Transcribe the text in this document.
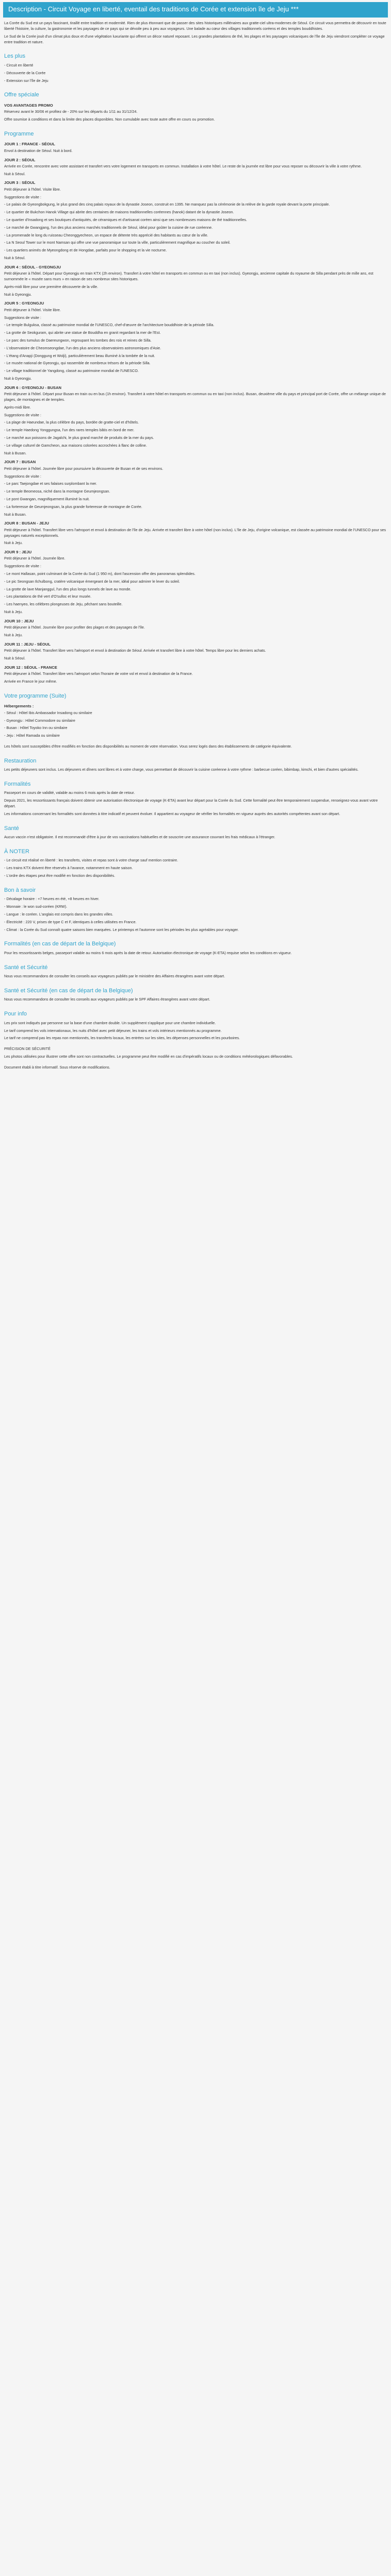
Description - Circuit Voyage en liberté, eventail des traditions de Corée et extension île de Jeju ***

La Corée du Sud est un pays fascinant, tiraillé entre tradition et modernité. Rien de plus étonnant que de passer des sites historiques millénaires aux gratte-ciel ultra-modernes de Séoul. Ce circuit vous permettra de découvrir en toute liberté l'histoire, la culture, la gastronomie et les paysages de ce pays qui se dévoile peu à peu aux voyageurs. Une balade au cœur des villages traditionnels coréens et des temples bouddhistes.

Le Sud de la Corée jouit d'un climat plus doux et d'une végétation luxuriante qui offrent un décor naturel reposant. Les grandes plantations de thé, les plages et les paysages volcaniques de l'île de Jeju viendront compléter ce voyage entre tradition et nature.

Les plus

- Circuit en liberté

- Découverte de la Corée

- Extension sur l'île de Jeju

Offre spéciale
VOS AVANTAGES PROMO

Réservez avant le 30/06 et profitez de - 20% sur les départs du 1/11 au 31/12/24.

Offre soumise à conditions et dans la limite des places disponibles. Non cumulable avec toute autre offre en cours ou promotion.

Programme
JOUR 1 : FRANCE - SÉOUL

Envol à destination de Séoul. Nuit à bord.

JOUR 2 : SÉOUL

Arrivée en Corée, rencontre avec votre assistant et transfert vers votre logement en transports en commun. Installation à votre hôtel. Le reste de la journée est libre pour vous reposer ou découvrir la ville à votre rythme.

Nuit à Séoul.

JOUR 3 : SÉOUL

Petit déjeuner à l'hôtel. Visite libre.

Suggestions de visite :

- Le palais de Gyeongbokgung, le plus grand des cinq palais royaux de la dynastie Joseon, construit en 1395. Ne manquez pas la cérémonie de la relève de la garde royale devant la porte principale.

- Le quartier de Bukchon Hanok Village qui abrite des centaines de maisons traditionnelles coréennes (hanok) datant de la dynastie Joseon.

- Le quartier d'Insadong et ses boutiques d'antiquités, de céramiques et d'artisanat coréen ainsi que ses nombreuses maisons de thé traditionnelles.

- Le marché de Gwangjang, l'un des plus anciens marchés traditionnels de Séoul, idéal pour goûter la cuisine de rue coréenne.

- La promenade le long du ruisseau Cheonggyecheon, un espace de détente très apprécié des habitants au cœur de la ville.

- La N Seoul Tower sur le mont Namsan qui offre une vue panoramique sur toute la ville, particulièrement magnifique au coucher du soleil.

- Les quartiers animés de Myeongdong et de Hongdae, parfaits pour le shopping et la vie nocturne.

Nuit à Séoul.

JOUR 4 : SÉOUL - GYEONGJU

Petit déjeuner à l'hôtel. Départ pour Gyeongju en train KTX (2h environ). Transfert à votre hôtel en transports en commun ou en taxi (non inclus). Gyeongju, ancienne capitale du royaume de Silla pendant près de mille ans, est surnommée le « musée sans murs » en raison de ses nombreux sites historiques.

Après-midi libre pour une première découverte de la ville.

Nuit à Gyeongju.

JOUR 5 : GYEONGJU

Petit déjeuner à l'hôtel. Visite libre.

Suggestions de visite :

- Le temple Bulguksa, classé au patrimoine mondial de l'UNESCO, chef-d'œuvre de l'architecture bouddhiste de la période Silla.

- La grotte de Seokguram, qui abrite une statue de Bouddha en granit regardant la mer de l'Est.

- Le parc des tumulus de Daereungwon, regroupant les tombes des rois et reines de Silla.

- L'observatoire de Cheomseongdae, l'un des plus anciens observatoires astronomiques d'Asie.

- L'étang d'Anapji (Donggung et Wolji), particulièrement beau illuminé à la tombée de la nuit.

- Le musée national de Gyeongju, qui rassemble de nombreux trésors de la période Silla.

- Le village traditionnel de Yangdong, classé au patrimoine mondial de l'UNESCO.

Nuit à Gyeongju.

JOUR 6 : GYEONGJU - BUSAN

Petit déjeuner à l'hôtel. Départ pour Busan en train ou en bus (1h environ). Transfert à votre hôtel en transports en commun ou en taxi (non inclus). Busan, deuxième ville du pays et principal port de Corée, offre un mélange unique de plages, de montagnes et de temples.

Après-midi libre.

Suggestions de visite :

- La plage de Haeundae, la plus célèbre du pays, bordée de gratte-ciel et d'hôtels.

- Le temple Haedong Yonggungsa, l'un des rares temples bâtis en bord de mer.

- Le marché aux poissons de Jagalchi, le plus grand marché de produits de la mer du pays.

- Le village culturel de Gamcheon, aux maisons colorées accrochées à flanc de colline.

Nuit à Busan.

JOUR 7 : BUSAN

Petit déjeuner à l'hôtel. Journée libre pour poursuivre la découverte de Busan et de ses environs.

Suggestions de visite :

- Le parc Taejongdae et ses falaises surplombant la mer.

- Le temple Beomeosa, niché dans la montagne Geumjeongsan.

- Le pont Gwangan, magnifiquement illuminé la nuit.

- La forteresse de Geumjeongsan, la plus grande forteresse de montagne de Corée.

Nuit à Busan.

JOUR 8 : BUSAN - JEJU

Petit déjeuner à l'hôtel. Transfert libre vers l'aéroport et envol à destination de l'île de Jeju. Arrivée et transfert libre à votre hôtel (non inclus). L'île de Jeju, d'origine volcanique, est classée au patrimoine mondial de l'UNESCO pour ses paysages naturels exceptionnels.

Nuit à Jeju.

JOUR 9 : JEJU

Petit déjeuner à l'hôtel. Journée libre.

Suggestions de visite :

- Le mont Hallasan, point culminant de la Corée du Sud (1 950 m), dont l'ascension offre des panoramas splendides.

- Le pic Seongsan Ilchulbong, cratère volcanique émergeant de la mer, idéal pour admirer le lever du soleil.

- La grotte de lave Manjanggul, l'un des plus longs tunnels de lave au monde.

- Les plantations de thé vert d'O'sulloc et leur musée.

- Les haenyeo, les célèbres plongeuses de Jeju, pêchant sans bouteille.

Nuit à Jeju.

JOUR 10 : JEJU

Petit déjeuner à l'hôtel. Journée libre pour profiter des plages et des paysages de l'île.

Nuit à Jeju.

JOUR 11 : JEJU - SÉOUL

Petit déjeuner à l'hôtel. Transfert libre vers l'aéroport et envol à destination de Séoul. Arrivée et transfert libre à votre hôtel. Temps libre pour les derniers achats.

Nuit à Séoul.

JOUR 12 : SÉOUL - FRANCE

Petit déjeuner à l'hôtel. Transfert libre vers l'aéroport selon l'horaire de votre vol et envol à destination de la France.

Arrivée en France le jour même.

Votre programme (Suite)
Hébergements :

- Séoul : Hôtel Ibis Ambassador Insadong ou similaire

- Gyeongju : Hôtel Commodore ou similaire

- Busan : Hôtel Toyoko Inn ou similaire

- Jeju : Hôtel Ramada ou similaire

Les hôtels sont susceptibles d'être modifiés en fonction des disponibilités au moment de votre réservation. Vous serez logés dans des établissements de catégorie équivalente.

Restauration

Les petits déjeuners sont inclus. Les déjeuners et dîners sont libres et à votre charge, vous permettant de découvrir la cuisine coréenne à votre rythme : barbecue coréen, bibimbap, kimchi, et bien d'autres spécialités.

Formalités

Passeport en cours de validité, valable au moins 6 mois après la date de retour.

Depuis 2021, les ressortissants français doivent obtenir une autorisation électronique de voyage (K-ETA) avant leur départ pour la Corée du Sud. Cette formalité peut être temporairement suspendue, renseignez-vous avant votre départ.

Les informations concernant les formalités sont données à titre indicatif et peuvent évoluer. Il appartient au voyageur de vérifier les formalités en vigueur auprès des autorités compétentes avant son départ.

Santé

Aucun vaccin n'est obligatoire. Il est recommandé d'être à jour de vos vaccinations habituelles et de souscrire une assurance couvrant les frais médicaux à l'étranger.

À NOTER

- Le circuit est réalisé en liberté : les transferts, visites et repas sont à votre charge sauf mention contraire.

- Les trains KTX doivent être réservés à l'avance, notamment en haute saison.

- L'ordre des étapes peut être modifié en fonction des disponibilités.

Bon à savoir

- Décalage horaire : +7 heures en été, +8 heures en hiver.

- Monnaie : le won sud-coréen (KRW).

- Langue : le coréen. L'anglais est compris dans les grandes villes.

- Électricité : 220 V, prises de type C et F, identiques à celles utilisées en France.

- Climat : la Corée du Sud connaît quatre saisons bien marquées. Le printemps et l'automne sont les périodes les plus agréables pour voyager.

Formalités (en cas de départ de la Belgique)

Pour les ressortissants belges, passeport valable au moins 6 mois après la date de retour. Autorisation électronique de voyage (K-ETA) requise selon les conditions en vigueur.

Santé et Sécurité

Nous vous recommandons de consulter les conseils aux voyageurs publiés par le ministère des Affaires étrangères avant votre départ.

Santé et Sécurité (en cas de départ de la Belgique)

Nous vous recommandons de consulter les conseils aux voyageurs publiés par le SPF Affaires étrangères avant votre départ.

Pour info

Les prix sont indiqués par personne sur la base d'une chambre double. Un supplément s'applique pour une chambre individuelle.

Le tarif comprend les vols internationaux, les nuits d'hôtel avec petit déjeuner, les trains et vols intérieurs mentionnés au programme.

Le tarif ne comprend pas les repas non mentionnés, les transferts locaux, les entrées sur les sites, les dépenses personnelles et les pourboires.

PRÉCISION DE SÉCURITÉ

Les photos utilisées pour illustrer cette offre sont non contractuelles. Le programme peut être modifié en cas d'impératifs locaux ou de conditions météorologiques défavorables.

Document établi à titre informatif. Sous réserve de modifications.
